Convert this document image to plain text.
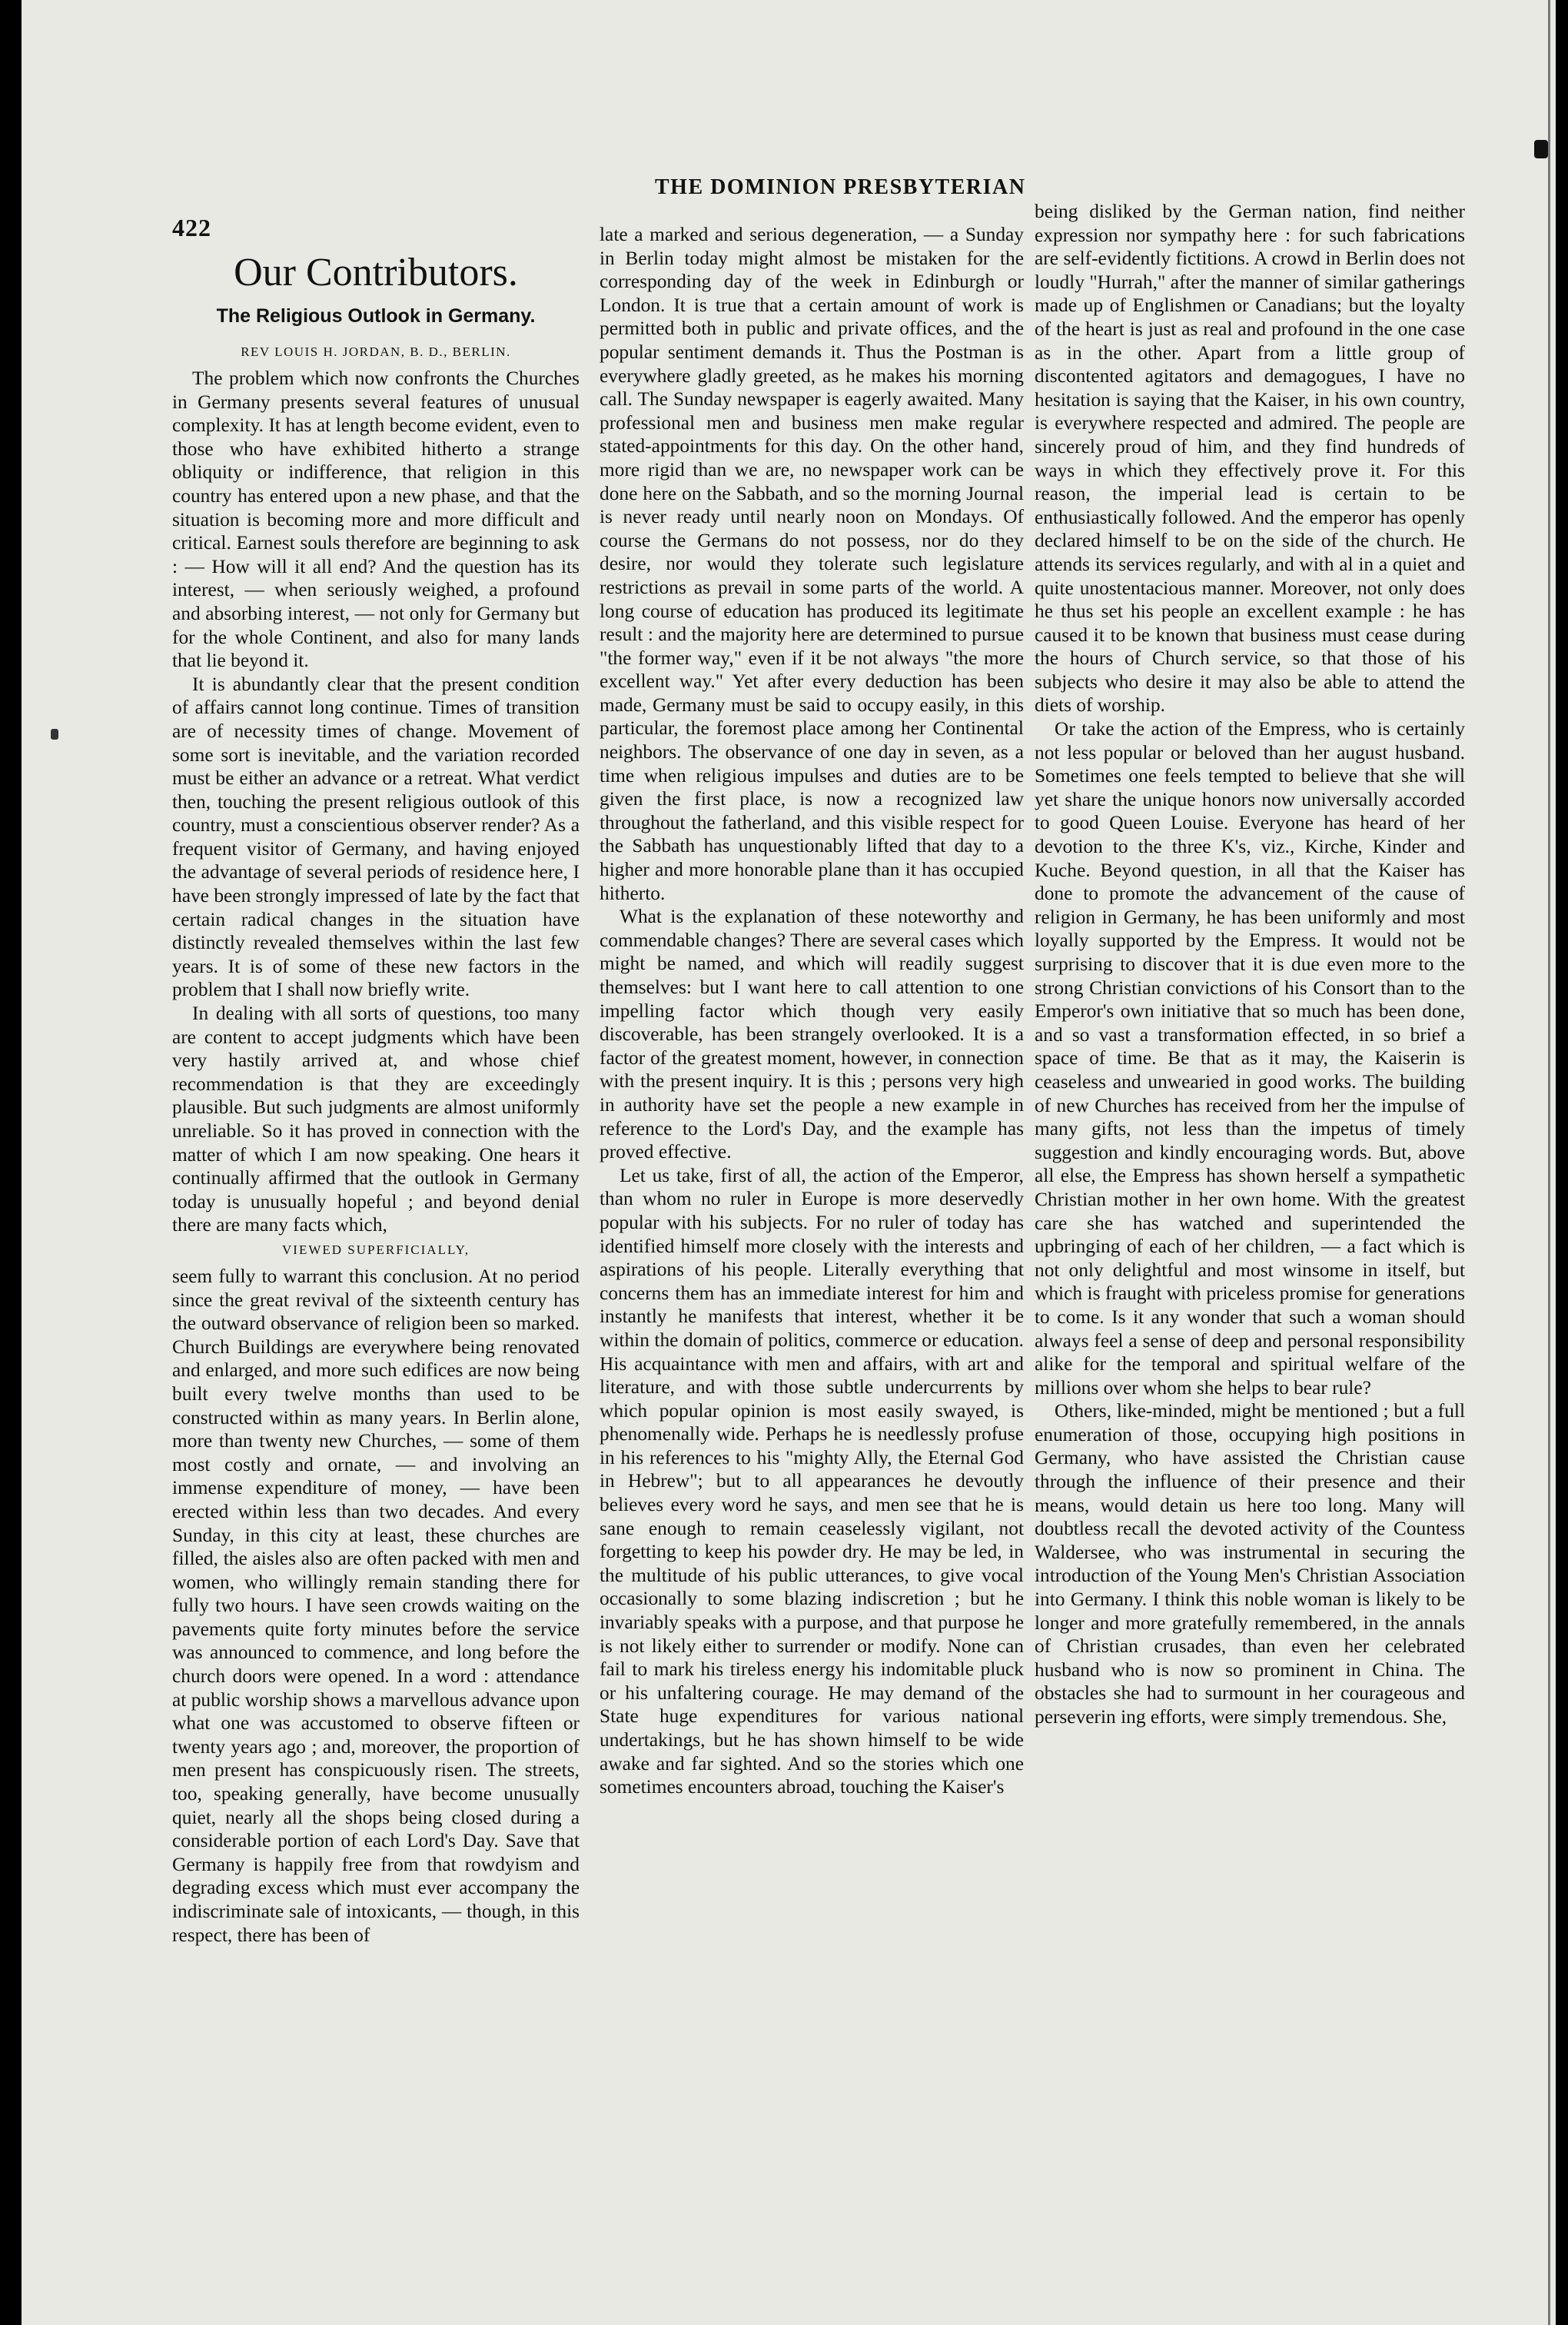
422
THE DOMINION PRESBYTERIAN
Our Contributors.
The Religious Outlook in Germany.
REV LOUIS H. JORDAN, B. D., BERLIN.

The problem which now confronts the Churches in Germany presents several features of unusual complexity. It has at length become evident, even to those who have exhibited hitherto a strange obliquity or indifference, that religion in this country has entered upon a new phase, and that the situation is becoming more and more difficult and critical. Earnest souls therefore are beginning to ask : — How will it all end? And the question has its interest, — when seriously weighed, a profound and absorbing interest, — not only for Germany but for the whole Continent, and also for many lands that lie beyond it.

It is abundantly clear that the present condition of affairs cannot long continue. Times of transition are of necessity times of change. Movement of some sort is inevitable, and the variation recorded must be either an advance or a retreat. What verdict then, touching the present religious outlook of this country, must a conscientious observer render? As a frequent visitor of Germany, and having enjoyed the advantage of several periods of residence here, I have been strongly impressed of late by the fact that certain radical changes in the situation have distinctly revealed themselves within the last few years. It is of some of these new factors in the problem that I shall now briefly write.

In dealing with all sorts of questions, too many are content to accept judgments which have been very hastily arrived at, and whose chief recommendation is that they are exceedingly plausible. But such judgments are almost uniformly unreliable. So it has proved in connection with the matter of which I am now speaking. One hears it continually affirmed that the outlook in Germany today is unusually hopeful ; and beyond denial there are many facts which,

VIEWED SUPERFICIALLY,

seem fully to warrant this conclusion. At no period since the great revival of the sixteenth century has the outward observance of religion been so marked. Church Buildings are everywhere being renovated and enlarged, and more such edifices are now being built every twelve months than used to be constructed within as many years. In Berlin alone, more than twenty new Churches, — some of them most costly and ornate, — and involving an immense expenditure of money, — have been erected within less than two decades. And every Sunday, in this city at least, these churches are filled, the aisles also are often packed with men and women, who willingly remain standing there for fully two hours. I have seen crowds waiting on the pavements quite forty minutes before the service was announced to commence, and long before the church doors were opened. In a word : attendance at public worship shows a marvellous advance upon what one was accustomed to observe fifteen or twenty years ago ; and, moreover, the proportion of men present has conspicuously risen. The streets, too, speaking generally, have become unusually quiet, nearly all the shops being closed during a considerable portion of each Lord's Day. Save that Germany is happily free from that rowdyism and degrading excess which must ever accompany the indiscriminate sale of intoxicants, — though, in this respect, there has been of

late a marked and serious degeneration, — a Sunday in Berlin today might almost be mistaken for the corresponding day of the week in Edinburgh or London. It is true that a certain amount of work is permitted both in public and private offices, and the popular sentiment demands it. Thus the Postman is everywhere gladly greeted, as he makes his morning call. The Sunday newspaper is eagerly awaited. Many professional men and business men make regular stated-appointments for this day. On the other hand, more rigid than we are, no newspaper work can be done here on the Sabbath, and so the morning Journal is never ready until nearly noon on Mondays. Of course the Germans do not possess, nor do they desire, nor would they tolerate such legislature restrictions as prevail in some parts of the world. A long course of education has produced its legitimate result : and the majority here are determined to pursue "the former way," even if it be not always "the more excellent way." Yet after every deduction has been made, Germany must be said to occupy easily, in this particular, the foremost place among her Continental neighbors. The observance of one day in seven, as a time when religious impulses and duties are to be given the first place, is now a recognized law throughout the fatherland, and this visible respect for the Sabbath has unquestionably lifted that day to a higher and more honorable plane than it has occupied hitherto.

What is the explanation of these noteworthy and commendable changes? There are several cases which might be named, and which will readily suggest themselves: but I want here to call attention to one impelling factor which though very easily discoverable, has been strangely overlooked. It is a factor of the greatest moment, however, in connection with the present inquiry. It is this ; persons very high in authority have set the people a new example in reference to the Lord's Day, and the example has proved effective.

Let us take, first of all, the action of the Emperor, than whom no ruler in Europe is more deservedly popular with his subjects. For no ruler of today has identified himself more closely with the interests and aspirations of his people. Literally everything that concerns them has an immediate interest for him and instantly he manifests that interest, whether it be within the domain of politics, commerce or education. His acquaintance with men and affairs, with art and literature, and with those subtle undercurrents by which popular opinion is most easily swayed, is phenomenally wide. Perhaps he is needlessly profuse in his references to his "mighty Ally, the Eternal God in Hebrew"; but to all appearances he devoutly believes every word he says, and men see that he is sane enough to remain ceaselessly vigilant, not forgetting to keep his powder dry. He may be led, in the multitude of his public utterances, to give vocal occasionally to some blazing indiscretion ; but he invariably speaks with a purpose, and that purpose he is not likely either to surrender or modify. None can fail to mark his tireless energy his indomitable pluck or his unfaltering courage. He may demand of the State huge expenditures for various national undertakings, but he has shown himself to be wide awake and far sighted. And so the stories which one sometimes encounters abroad, touching the Kaiser's

being disliked by the German nation, find neither expression nor sympathy here : for such fabrications are self-evidently fictitions. A crowd in Berlin does not loudly "Hurrah," after the manner of similar gatherings made up of Englishmen or Canadians; but the loyalty of the heart is just as real and profound in the one case as in the other. Apart from a little group of discontented agitators and demagogues, I have no hesitation is saying that the Kaiser, in his own country, is everywhere respected and admired. The people are sincerely proud of him, and they find hundreds of ways in which they effectively prove it. For this reason, the imperial lead is certain to be enthusiastically followed. And the emperor has openly declared himself to be on the side of the church. He attends its services regularly, and with al in a quiet and quite unostentacious manner. Moreover, not only does he thus set his people an excellent example : he has caused it to be known that business must cease during the hours of Church service, so that those of his subjects who desire it may also be able to attend the diets of worship.

Or take the action of the Empress, who is certainly not less popular or beloved than her august husband. Sometimes one feels tempted to believe that she will yet share the unique honors now universally accorded to good Queen Louise. Everyone has heard of her devotion to the three K's, viz., Kirche, Kinder and Kuche. Beyond question, in all that the Kaiser has done to promote the advancement of the cause of religion in Germany, he has been uniformly and most loyally supported by the Empress. It would not be surprising to discover that it is due even more to the strong Christian convictions of his Consort than to the Emperor's own initiative that so much has been done, and so vast a transformation effected, in so brief a space of time. Be that as it may, the Kaiserin is ceaseless and unwearied in good works. The building of new Churches has received from her the impulse of many gifts, not less than the impetus of timely suggestion and kindly encouraging words. But, above all else, the Empress has shown herself a sympathetic Christian mother in her own home. With the greatest care she has watched and superintended the upbringing of each of her children, — a fact which is not only delightful and most winsome in itself, but which is fraught with priceless promise for generations to come. Is it any wonder that such a woman should always feel a sense of deep and personal responsibility alike for the temporal and spiritual welfare of the millions over whom she helps to bear rule?

Others, like-minded, might be mentioned ; but a full enumeration of those, occupying high positions in Germany, who have assisted the Christian cause through the influence of their presence and their means, would detain us here too long. Many will doubtless recall the devoted activity of the Countess Waldersee, who was instrumental in securing the introduction of the Young Men's Christian Association into Germany. I think this noble woman is likely to be longer and more gratefully remembered, in the annals of Christian crusades, than even her celebrated husband who is now so prominent in China. The obstacles she had to surmount in her courageous and perseverin ing efforts, were simply tremendous. She,
